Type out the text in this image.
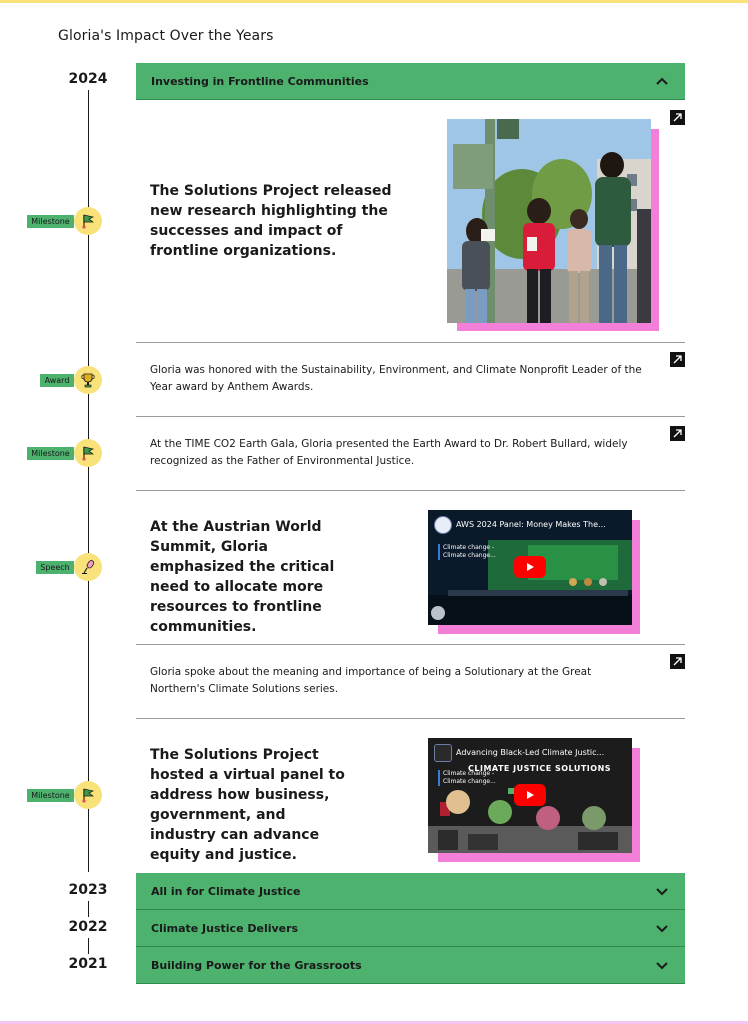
Gloria's Impact Over the Years
2024
2023
2022
2021
Investing in Frontline Communities
Milestone

The Solutions Project released new research highlighting the successes and impact of frontline organizations.

Award

Gloria was honored with the Sustainability, Environment, and Climate Nonprofit Leader of the Year award by Anthem Awards.

Milestone

At the TIME CO2 Earth Gala, Gloria presented the Earth Award to Dr. Robert Bullard, widely recognized as the Father of Environmental Justice.

Speech

At the Austrian World Summit, Gloria emphasized the critical need to allocate more resources to frontline communities.

AWS 2024 Panel: Money Makes The...
Climate change -
Climate change...

Gloria spoke about the meaning and importance of being a Solutionary at the Great Northern's Climate Solutions series.

Milestone

The Solutions Project hosted a virtual panel to address how business, government, and industry can advance equity and justice.

Advancing Black-Led Climate Justic...
CLIMATE JUSTICE SOLUTIONS
Climate change -
Climate change...
All in for Climate Justice
Climate Justice Delivers
Building Power for the Grassroots
